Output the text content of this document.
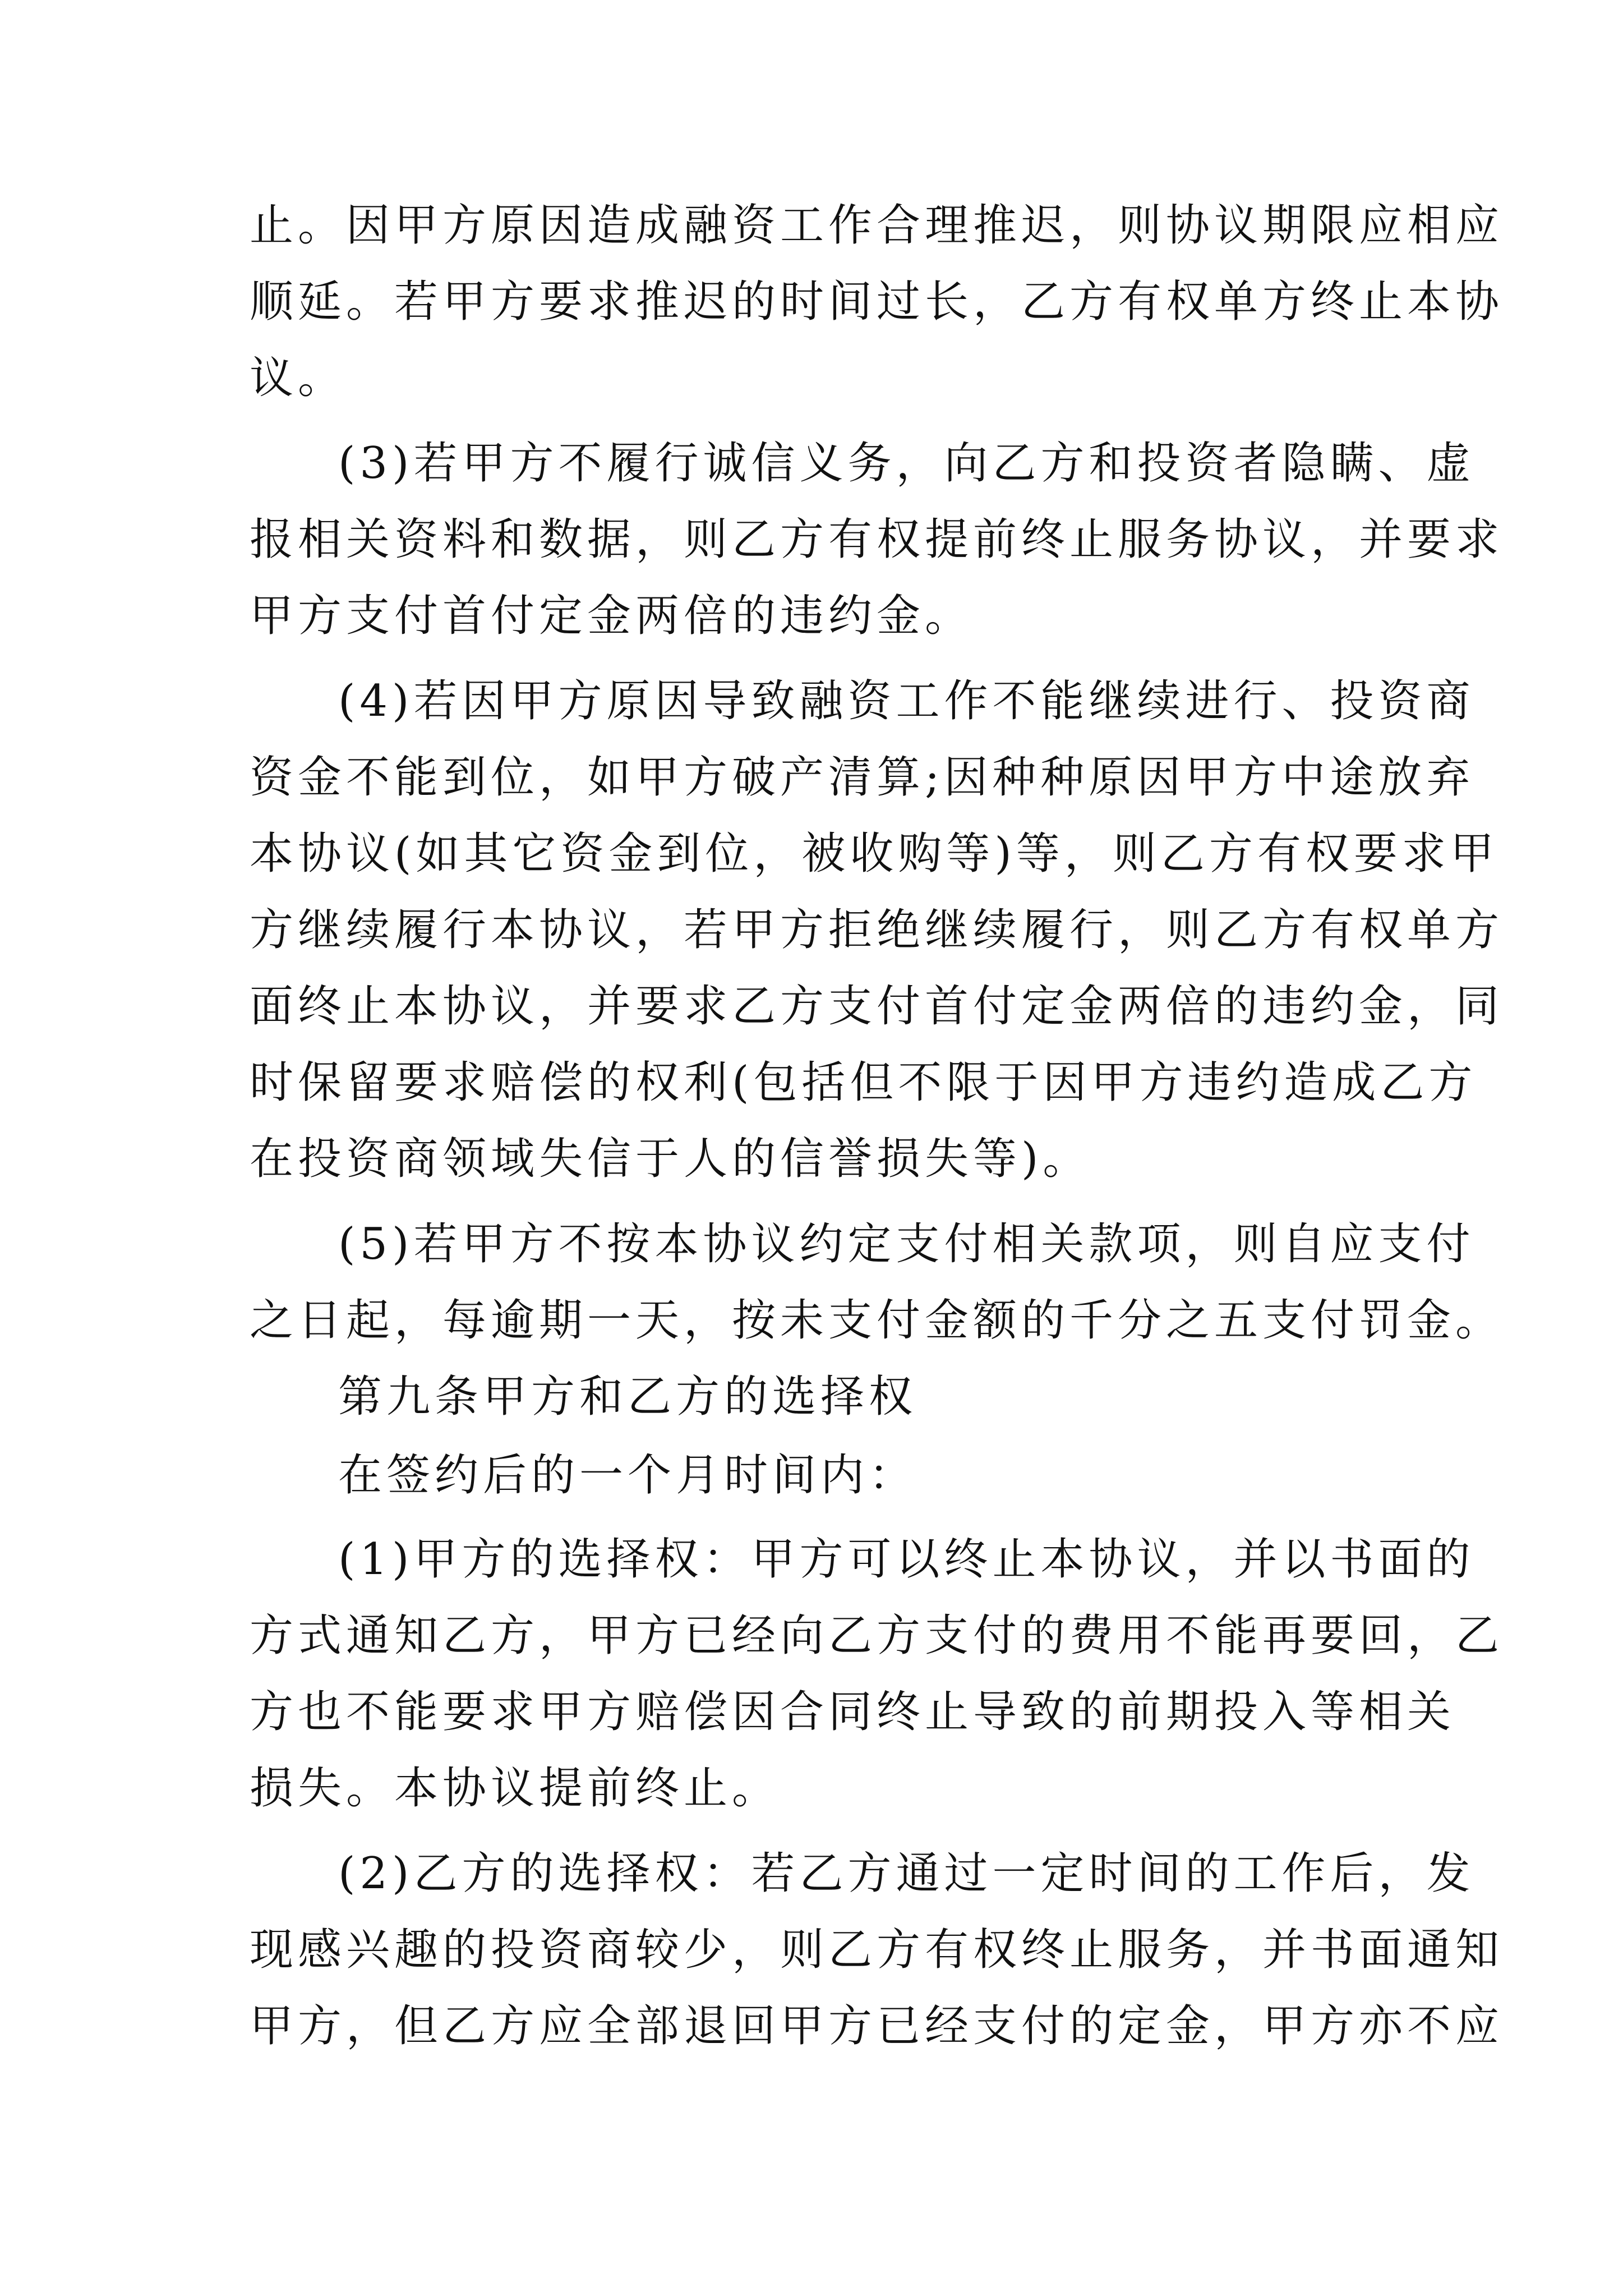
止。因甲方原因造成融资工作合理推迟，则协议期限应相应

顺延。若甲方要求推迟的时间过长，乙方有权单方终止本协

议。

(3)若甲方不履行诚信义务，向乙方和投资者隐瞒、虚

报相关资料和数据，则乙方有权提前终止服务协议，并要求

甲方支付首付定金两倍的违约金。

(4)若因甲方原因导致融资工作不能继续进行、投资商

资金不能到位，如甲方破产清算;因种种原因甲方中途放弃

本协议(如其它资金到位，被收购等)等，则乙方有权要求甲

方继续履行本协议，若甲方拒绝继续履行，则乙方有权单方

面终止本协议，并要求乙方支付首付定金两倍的违约金，同

时保留要求赔偿的权利(包括但不限于因甲方违约造成乙方

在投资商领域失信于人的信誉损失等)。

(5)若甲方不按本协议约定支付相关款项，则自应支付

之日起，每逾期一天，按未支付金额的千分之五支付罚金。

第九条甲方和乙方的选择权

在签约后的一个月时间内：

(1)甲方的选择权：甲方可以终止本协议，并以书面的

方式通知乙方，甲方已经向乙方支付的费用不能再要回，乙

方也不能要求甲方赔偿因合同终止导致的前期投入等相关

损失。本协议提前终止。

(2)乙方的选择权：若乙方通过一定时间的工作后，发

现感兴趣的投资商较少，则乙方有权终止服务，并书面通知

甲方，但乙方应全部退回甲方已经支付的定金，甲方亦不应
